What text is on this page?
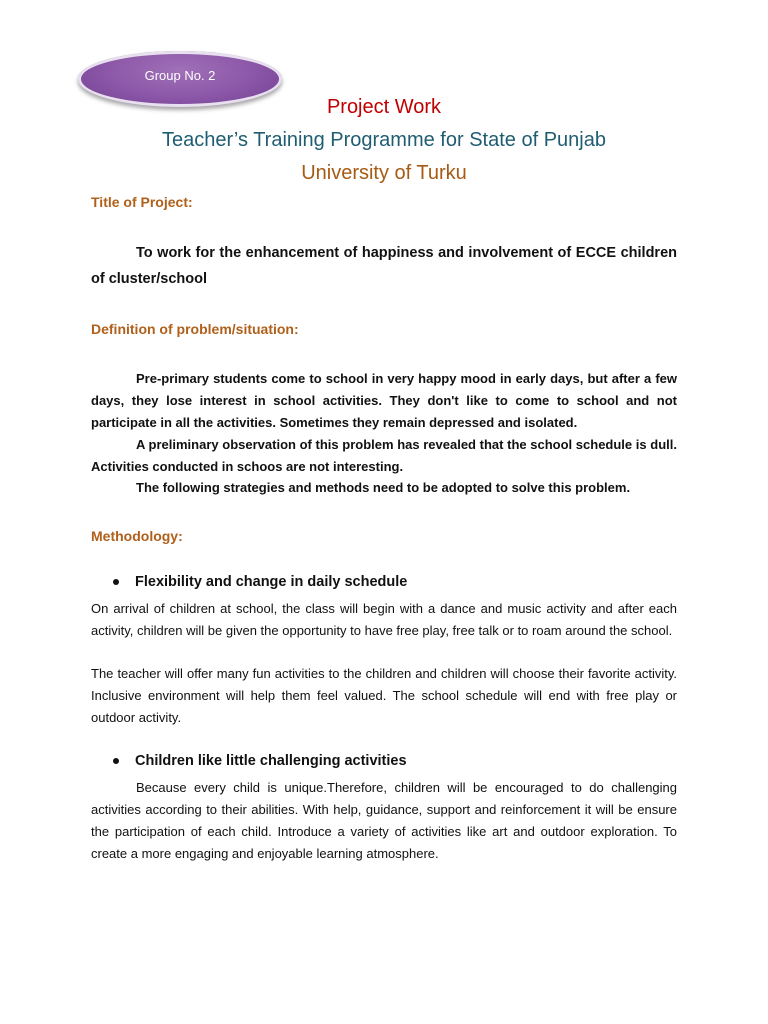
Group No. 2
Project Work
Teacher’s Training Programme for State of Punjab
University of Turku
Title of Project:
To work for the enhancement of happiness and involvement of ECCE children of cluster/school
Definition of problem/situation:
Pre-primary students come to school in very happy mood in early days, but after a few days, they lose interest in school activities. They don't like to come to school and not participate in all the activities. Sometimes they remain depressed and isolated.
A preliminary observation of this problem has revealed that the school schedule is dull. Activities conducted in schoos are not interesting.
The following strategies and methods need to be adopted to solve this problem.
Methodology:
Flexibility and change in daily schedule
On arrival of children at school, the class will begin with a dance and music activity and after each activity, children will be given the opportunity to have free play, free talk or to roam around the school.
The teacher will offer many fun activities to the children and children will choose their favorite activity. Inclusive environment will help them feel valued. The school schedule will end with free play or outdoor activity.
Children like little challenging activities
Because every child is unique.Therefore, children will be encouraged to do challenging activities according to their abilities. With help, guidance, support and reinforcement it will be ensure the participation of each child. Introduce a variety of activities like art and outdoor exploration. To create a more engaging and enjoyable learning atmosphere.
